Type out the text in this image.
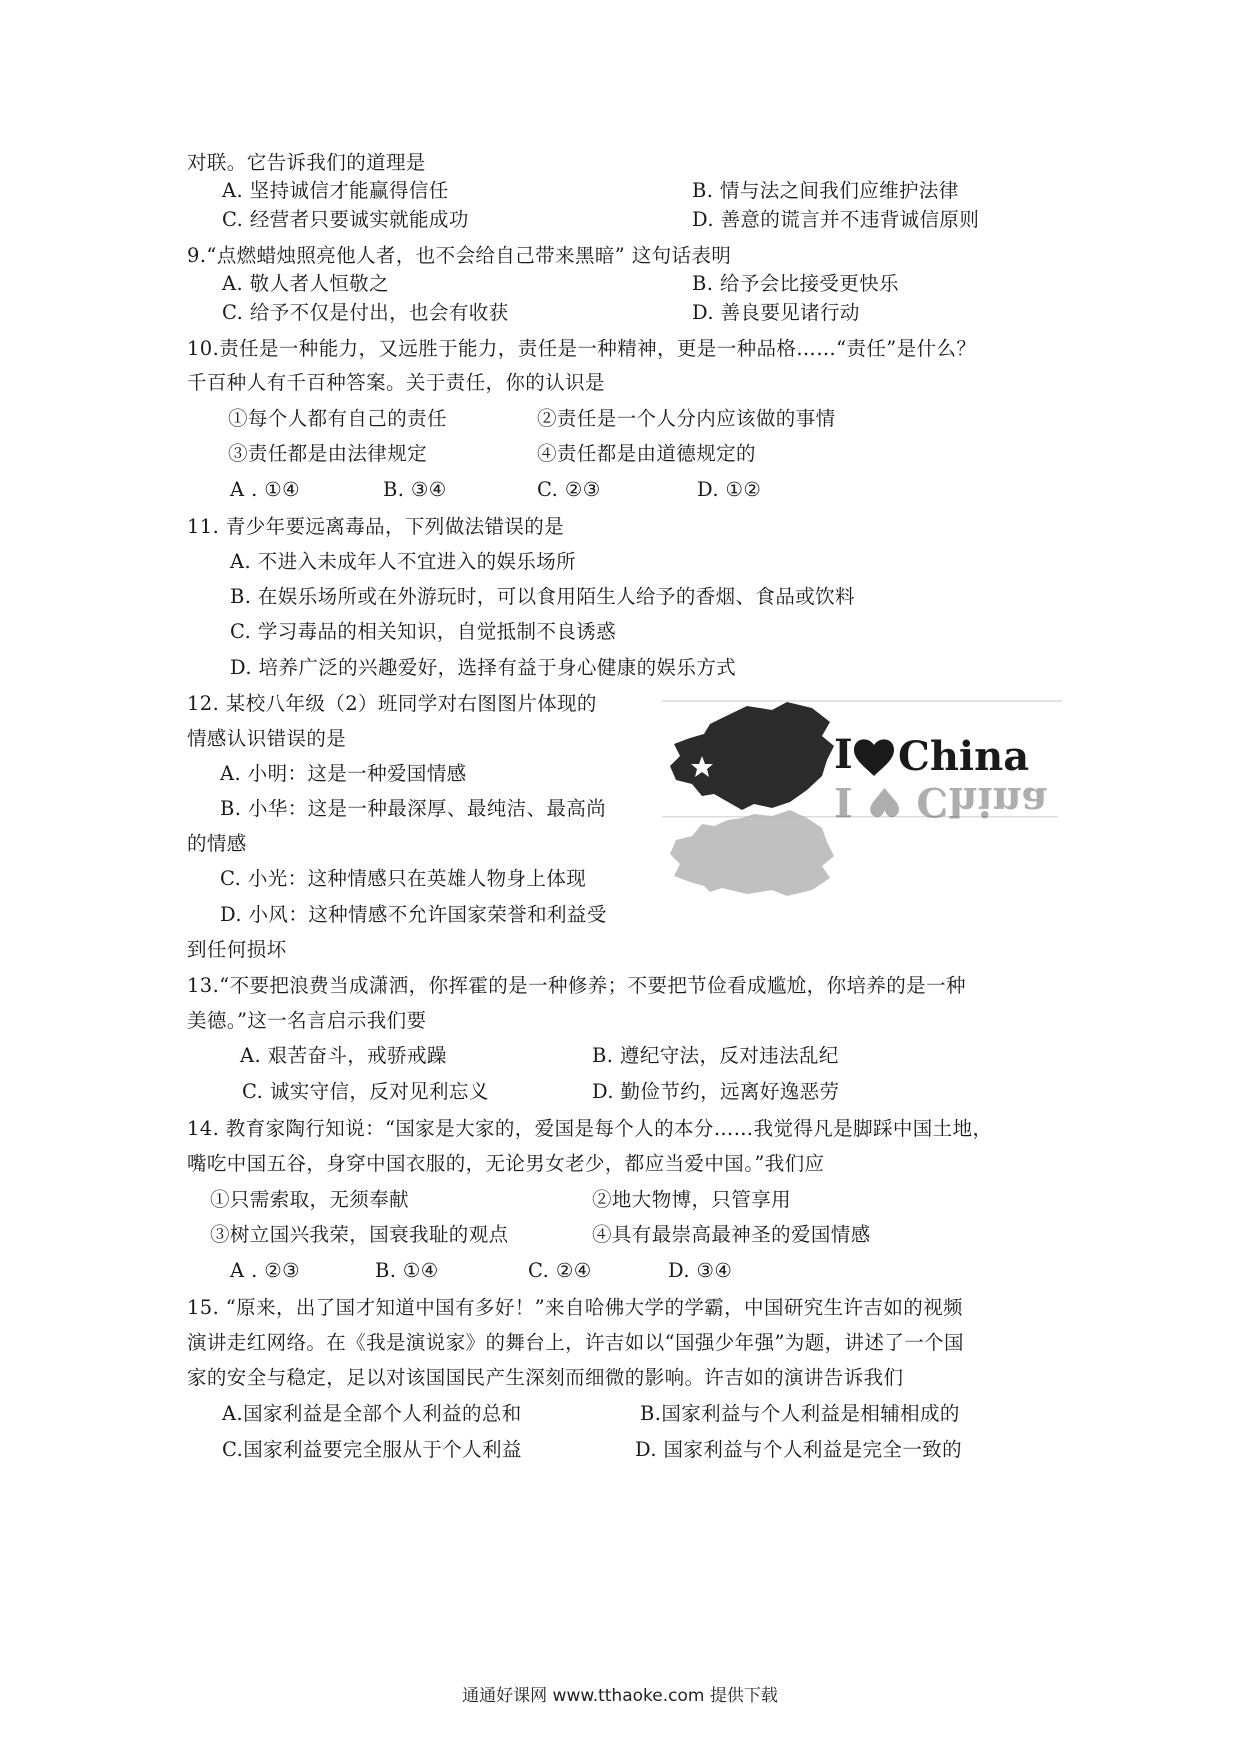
对联。它告诉我们的道理是
A. 坚持诚信才能赢得信任	B. 情与法之间我们应维护法律
C. 经营者只要诚实就能成功	D. 善意的谎言并不违背诚信原则
9.“点燃蜡烛照亮他人者，也不会给自己带来黑暗” 这句话表明
A. 敬人者人恒敬之	B. 给予会比接受更快乐
C. 给予不仅是付出，也会有收获	D. 善良要见诸行动
10.责任是一种能力，又远胜于能力，责任是一种精神，更是一种品格……“责任”是什么？
千百种人有千百种答案。关于责任，你的认识是
①每个人都有自己的责任	②责任是一个人分内应该做的事情
③责任都是由法律规定	④责任都是由道德规定的
A . ①④	B. ③④	C. ②③	D. ①②
11. 青少年要远离毒品，下列做法错误的是
A. 不进入未成年人不宜进入的娱乐场所
B. 在娱乐场所或在外游玩时，可以食用陌生人给予的香烟、食品或饮料
C. 学习毒品的相关知识，自觉抵制不良诱惑
D. 培养广泛的兴趣爱好，选择有益于身心健康的娱乐方式
12. 某校八年级（2）班同学对右图图片体现的
情感认识错误的是
A. 小明：这是一种爱国情感
B. 小华：这是一种最深厚、最纯洁、最高尚
的情感
C. 小光：这种情感只在英雄人物身上体现
D. 小风：这种情感不允许国家荣誉和利益受
到任何损坏
I China
I ♥ China
13.“不要把浪费当成潇洒，你挥霍的是一种修养；不要把节俭看成尴尬，你培养的是一种
美德。”这一名言启示我们要
A. 艰苦奋斗，戒骄戒躁	B. 遵纪守法，反对违法乱纪
C. 诚实守信，反对见利忘义	D. 勤俭节约，远离好逸恶劳
14. 教育家陶行知说：“国家是大家的，爱国是每个人的本分……我觉得凡是脚踩中国土地，
嘴吃中国五谷，身穿中国衣服的，无论男女老少，都应当爱中国。”我们应
①只需索取，无须奉献	②地大物博，只管享用
③树立国兴我荣，国衰我耻的观点	④具有最崇高最神圣的爱国情感
A . ②③	B. ①④	C. ②④	D. ③④
15. “原来，出了国才知道中国有多好！”来自哈佛大学的学霸，中国研究生许吉如的视频
演讲走红网络。在《我是演说家》的舞台上，许吉如以“国强少年强”为题，讲述了一个国
家的安全与稳定，足以对该国国民产生深刻而细微的影响。许吉如的演讲告诉我们
A.国家利益是全部个人利益的总和	B.国家利益与个人利益是相辅相成的
C.国家利益要完全服从于个人利益	D. 国家利益与个人利益是完全一致的
通通好课网 www.tthaoke.com 提供下载
